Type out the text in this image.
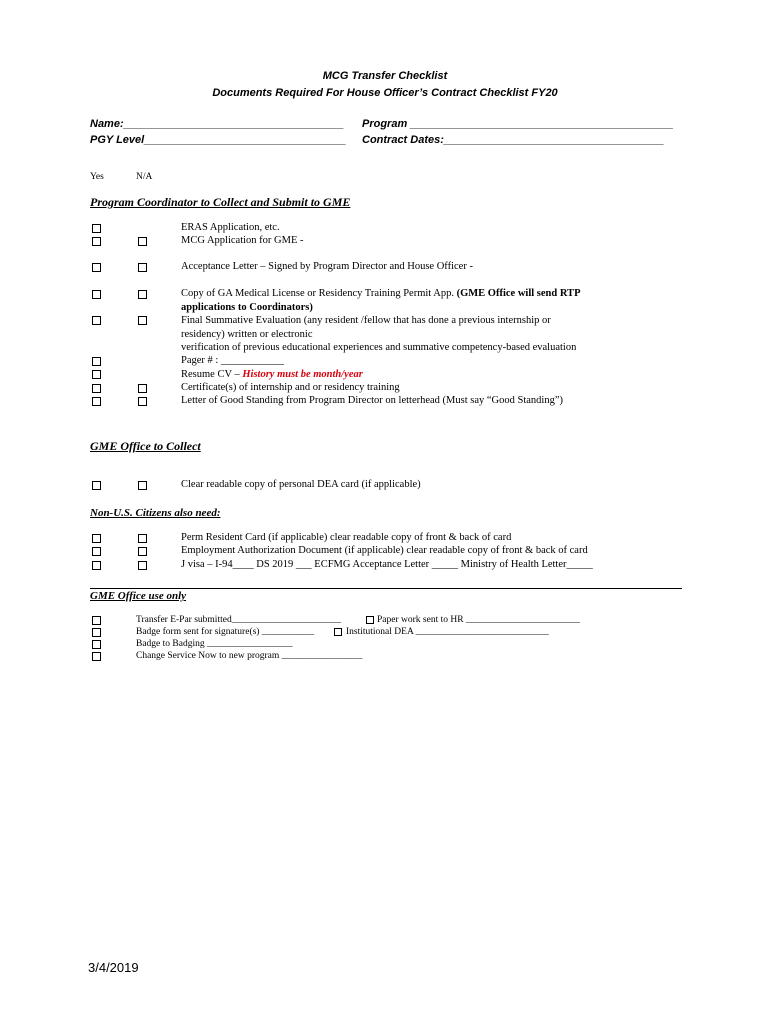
MCG Transfer Checklist
Documents Required For House Officer’s Contract Checklist FY20
Name:____________________________________ Program ___________________________________________
PGY Level_________________________________ Contract Dates:____________________________________
Yes	N/A
Program Coordinator to Collect and Submit to GME
ERAS Application, etc.
MCG Application for GME -
Acceptance Letter – Signed by Program Director and House Officer -
Copy of GA Medical License or Residency Training Permit App. (GME Office will send RTP
applications to Coordinators)
Final Summative Evaluation (any resident /fellow that has done a previous internship or
residency) written or electronic
verification of previous educational experiences and summative competency-based evaluation
Pager # : ____________
Resume CV – History must be month/year
Certificate(s) of internship and or residency training
Letter of Good Standing from Program Director on letterhead (Must say “Good Standing”)
GME Office to Collect
Clear readable copy of personal DEA card (if applicable)
Non-U.S. Citizens also need:
Perm Resident Card (if applicable) clear readable copy of front & back of card
Employment Authorization Document (if applicable) clear readable copy of front & back of card
J visa – I-94____ DS 2019 ___ ECFMG Acceptance Letter _____ Ministry of Health Letter_____
GME Office use only
Transfer E-Par submitted_______________________	Paper work sent to HR ________________________
Badge form sent for signature(s) ___________	Institutional DEA ____________________________
Badge to Badging __________________
Change Service Now to new program _________________
3/4/2019
